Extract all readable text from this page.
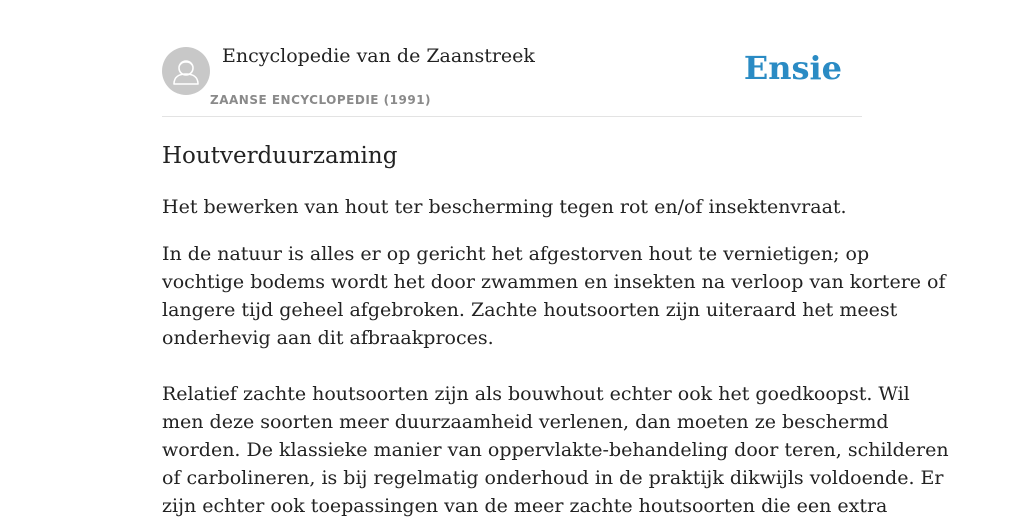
Encyclopedie van de Zaanstreek
ZAANSE ENCYCLOPEDIE (1991)
Ensie
Houtverduurzaming

Het bewerken van hout ter bescherming tegen rot en/of insektenvraat.

In de natuur is alles er op gericht het afgestorven hout te vernietigen; op
vochtige bodems wordt het door zwammen en insekten na verloop van kortere of
langere tijd geheel afgebroken. Zachte houtsoorten zijn uiteraard het meest
onderhevig aan dit afbraakproces.
Relatief zachte houtsoorten zijn als bouwhout echter ook het goedkoopst. Wil
men deze soorten meer duurzaamheid verlenen, dan moeten ze beschermd
worden. De klassieke manier van oppervlakte-behandeling door teren, schilderen
of carbolineren, is bij regelmatig onderhoud in de praktijk dikwijls voldoende. Er
zijn echter ook toepassingen van de meer zachte houtsoorten die een extra
